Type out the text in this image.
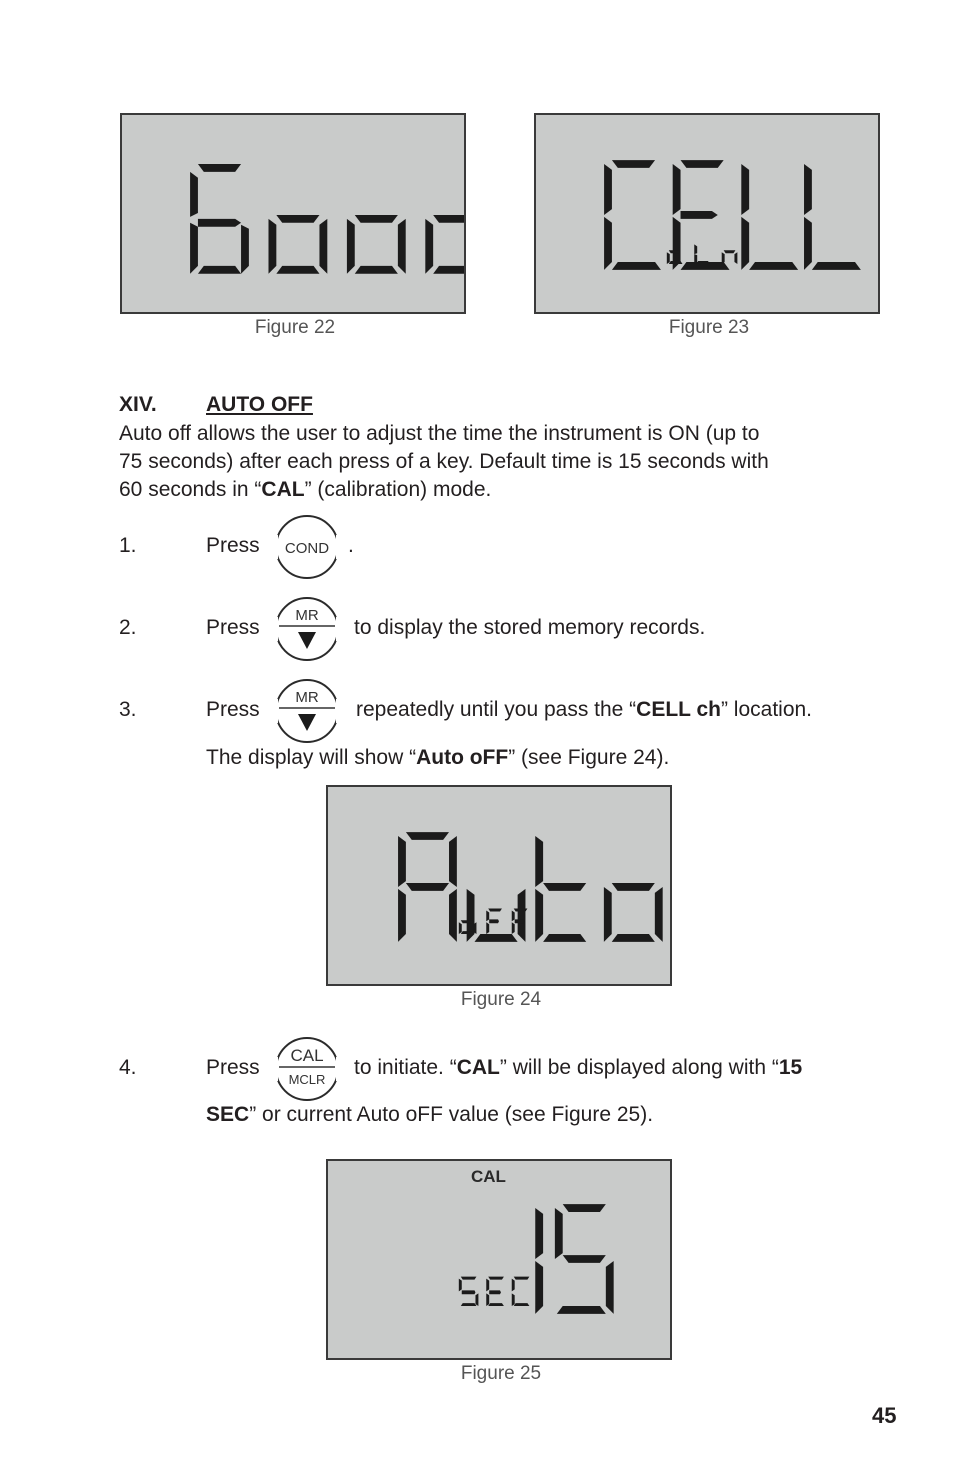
Figure 22	Figure 23
XIV. AUTO OFF
Auto off allows the user to adjust the time the instrument is ON (up to
75 seconds) after each press of a key. Default time is 15 seconds with
60 seconds in “CAL” (calibration) mode.
1.	Press COND .
2.	Press
MR
to display the stored memory records.
3.	Press
MR
repeatedly until you pass the “CELL ch” location.
The display will show “Auto oFF” (see Figure 24).
Figure 24
4.	Press
CAL
MCLR
to initiate. “CAL” will be displayed along with “15
SEC” or current Auto oFF value (see Figure 25).
CAL
Figure 25
45
